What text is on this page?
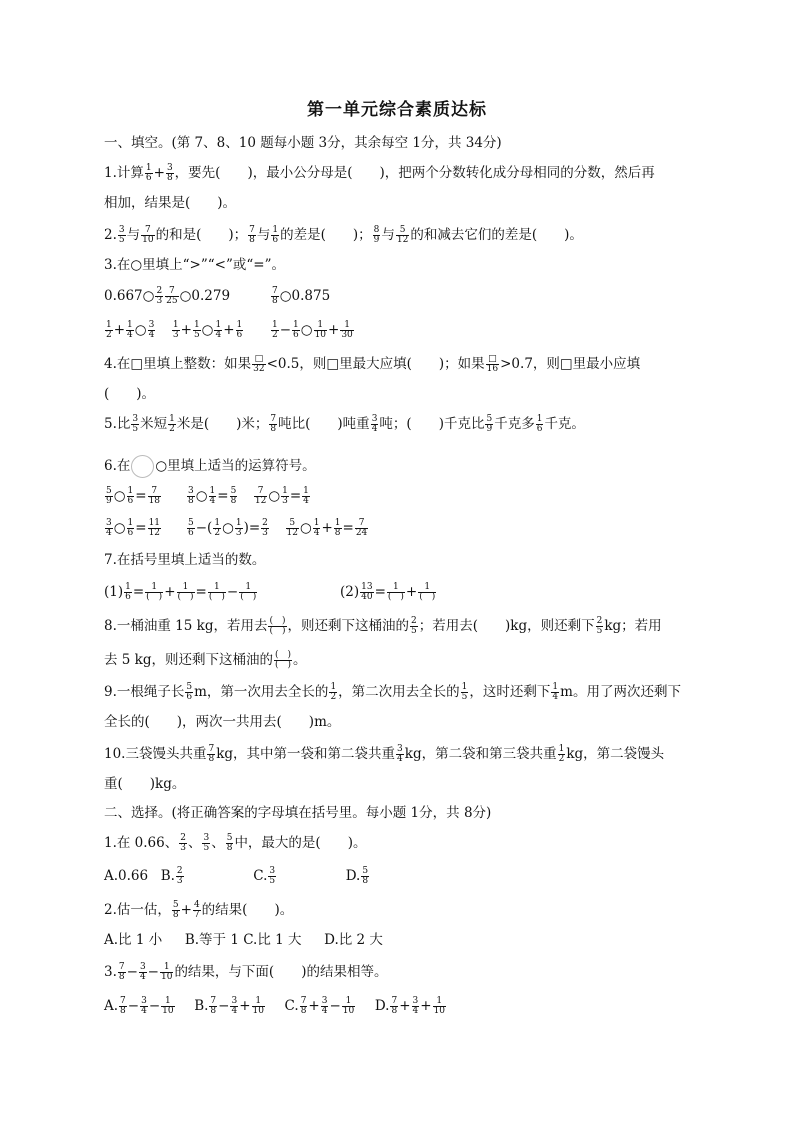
第一单元综合素质达标
一、填空。(第 7、8、10 题每小题 3分，其余每空 1分，共 34分)
1.计算 $\frac{1}{6} + \frac{3}{8}$ ，要先(　　)，最小公分母是(　　)，把两个分数转化成分母相同的分数，然后再
相加，结果是(　　)。
2. $\frac{3}{5}$ 与 $\frac{7}{10}$ 的和是(　　)； $\frac{7}{8}$ 与 $\frac{1}{6}$ 的差是(　　)； $\frac{8}{9}$ 与 $\frac{5}{12}$ 的和减去它们的差是(　　)。
3.在○里填上“>”“<”或“=”。
0.667○ $\frac{2}{3} \frac{7}{25}$ ○0.279	$\frac{7}{8}$ ○0.875
$\frac{1}{2} + \frac{1}{4}$ ○ $\frac{3}{4}$
$\frac{1}{3} + \frac{1}{5}$ ○ $\frac{1}{4} + \frac{1}{6}$	$\frac{1}{2} - \frac{1}{6}$ ○ $\frac{1}{10} + \frac{1}{30}$
4.在□里填上整数：如果 □
32 <0.5，则□里最大应填(　　)；如果 □
16 >0.7，则□里最小应填
(　　)。
5.比 $\frac{3}{5}$ 米短 $\frac{1}{2}$ 米是(　　)米； $\frac{7}{8}$ 吨比(　　)吨重 $\frac{3}{4}$ 吨；(　　)千克比 $\frac{5}{9}$ 千克多 $\frac{1}{6}$ 千克。
6.在 ○里填上适当的运算符号。
$\frac{5}{9}$ ○ $\frac{1}{6} = \frac{7}{18}$	$\frac{3}{8}$ ○ $\frac{1}{4} = \frac{5}{8}$
$\frac{7}{12}$ ○ $\frac{1}{3} = \frac{1}{4}$
$\frac{3}{4}$ ○ $\frac{1}{6} = \frac{11}{12}$	$\frac{5}{6}$ −( $\frac{1}{2}$ ○ $\frac{1}{3}$ )= $\frac{2}{3}$
$\frac{5}{12}$ ○ $\frac{1}{4} + \frac{1}{8} = \frac{7}{24}$
7.在括号里填上适当的数。
$(1) \frac{1}{6} = 1$
(　) + 1
(　) = 1
(　) − 1
(　)	$(2) \frac{13}{40} = 1$
(　) + 1
(　)
8.一桶油重 15 kg，若用去 (　)
(　) ，则还剩下这桶油的 $\frac{2}{5}$ ；若用去(　　)kg，则还剩下 $\frac{2}{5}$ kg；若用
去 5 kg，则还剩下这桶油的 (　)
(　) 。
9.一根绳子长 $\frac{5}{6}$ m，第一次用去全长的 $\frac{1}{2}$ ，第二次用去全长的 $\frac{1}{5}$ ，这时还剩下 $\frac{1}{4}$ m。用了两次还剩下
全长的(　　)，两次一共用去(　　)m。
10.三袋馒头共重 $\frac{7}{8}$ kg，其中第一袋和第二袋共重 $\frac{3}{4}$ kg，第二袋和第三袋共重 $\frac{1}{2}$ kg，第二袋馒头
重(　　)kg。
二、选择。(将正确答案的字母填在括号里。每小题 1分，共 8分)
1.在 0.66、 $\frac{2}{3}$ 、 $\frac{3}{5}$ 、 $\frac{5}{8}$ 中，最大的是(　　)。
A.0.66 B. $\frac{2}{3}$	C. $\frac{3}{5}$	D. $\frac{5}{8}$
2.估一估， $\frac{5}{8} + \frac{4}{7}$ 的结果(　　)。
A.比 1 小 B.等于 1 C.比 1 大 D.比 2 大
3. $\frac{7}{8} - \frac{3}{4} - \frac{1}{10}$ 的结果，与下面(　　)的结果相等。
A. $\frac{7}{8} - \frac{3}{4} - \frac{1}{10} B$. $\frac{7}{8} - \frac{3}{4} + \frac{1}{10} C$. $\frac{7}{8} + \frac{3}{4} - \frac{1}{10} D$. $\frac{7}{8} + \frac{3}{4} + \frac{1}{10}$
